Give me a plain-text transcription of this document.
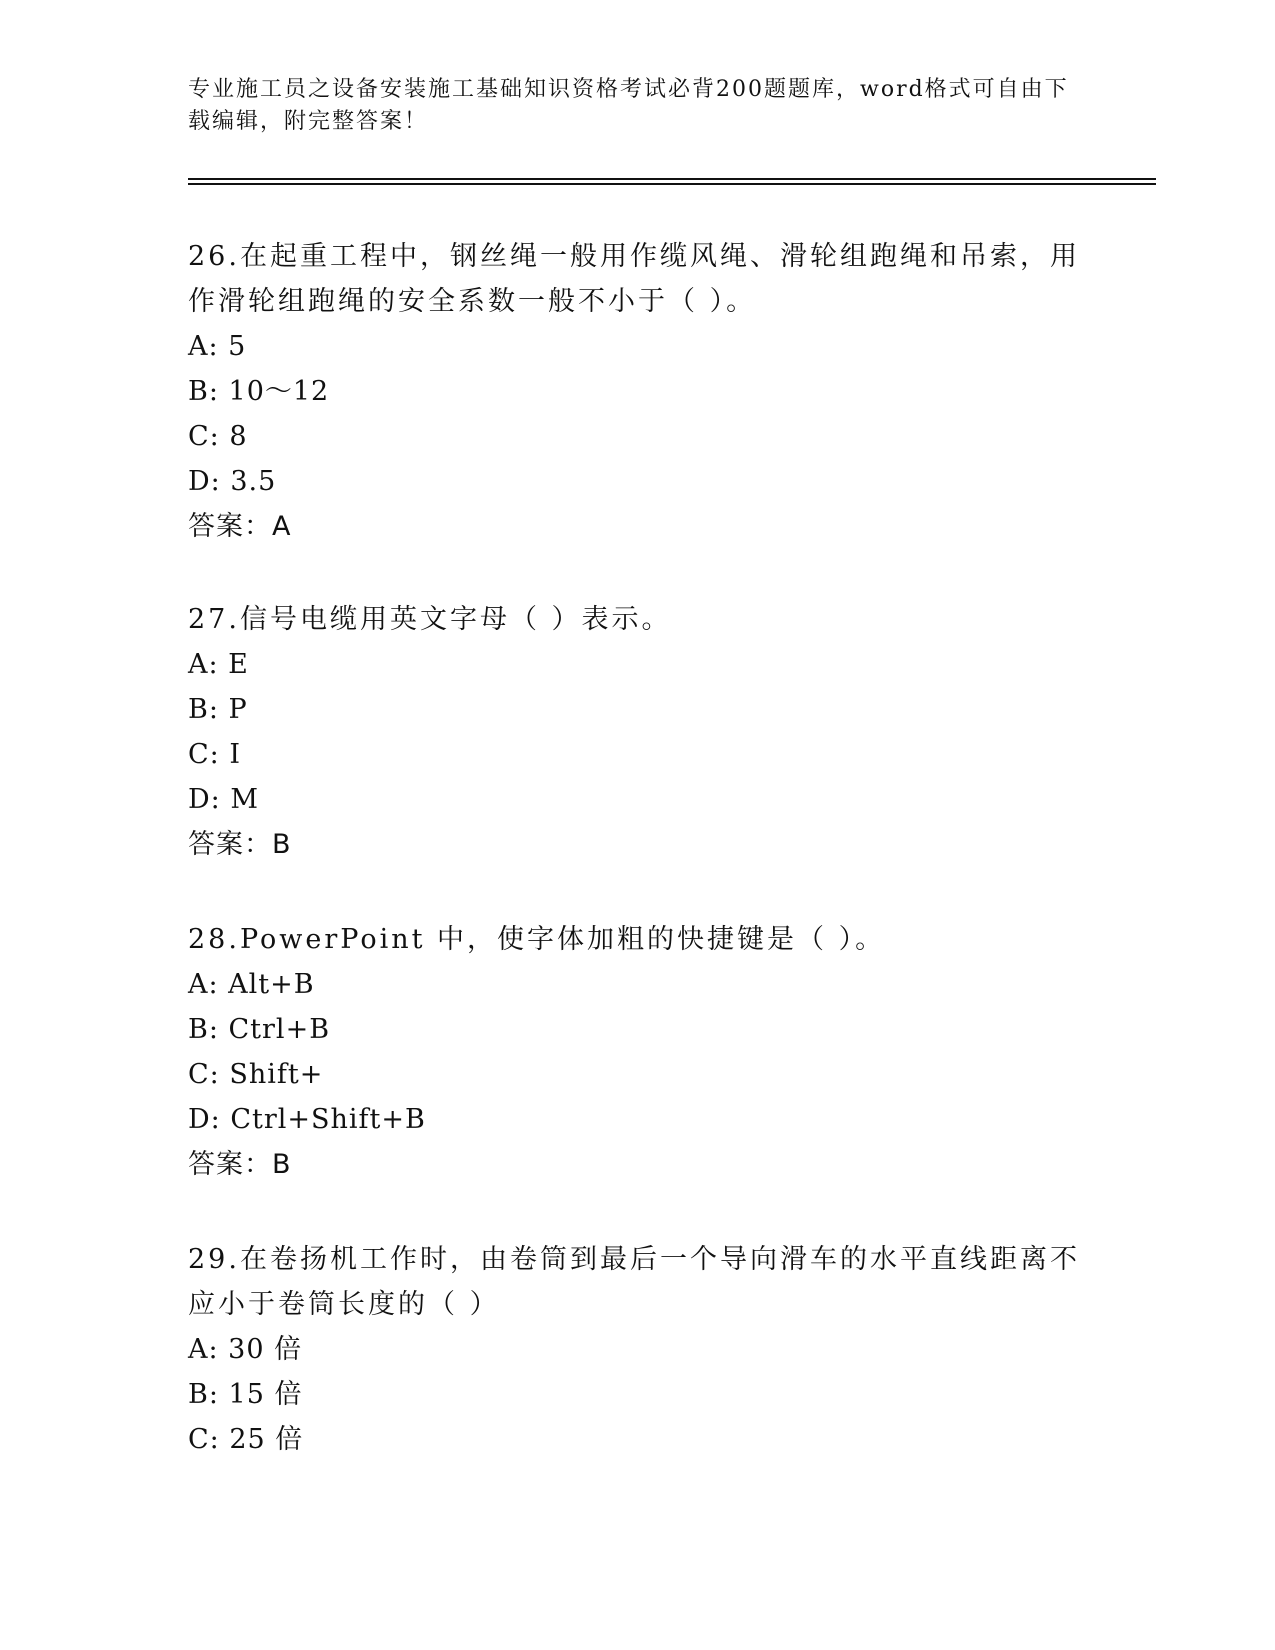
专业施工员之设备安装施工基础知识资格考试必背200题题库，word格式可自由下载编辑，附完整答案！
26.在起重工程中，钢丝绳一般用作缆风绳、滑轮组跑绳和吊索，用作滑轮组跑绳的安全系数一般不小于（ ）。
A: 5
B: 10～12
C: 8
D: 3.5
答案：A
27.信号电缆用英文字母（ ）表示。
A: E
B: P
C: I
D: M
答案：B
28.PowerPoint 中，使字体加粗的快捷键是（ ）。
A: Alt+B
B: Ctrl+B
C: Shift+
D: Ctrl+Shift+B
答案：B
29.在卷扬机工作时，由卷筒到最后一个导向滑车的水平直线距离不应小于卷筒长度的（ ）
A: 30 倍
B: 15 倍
C: 25 倍
